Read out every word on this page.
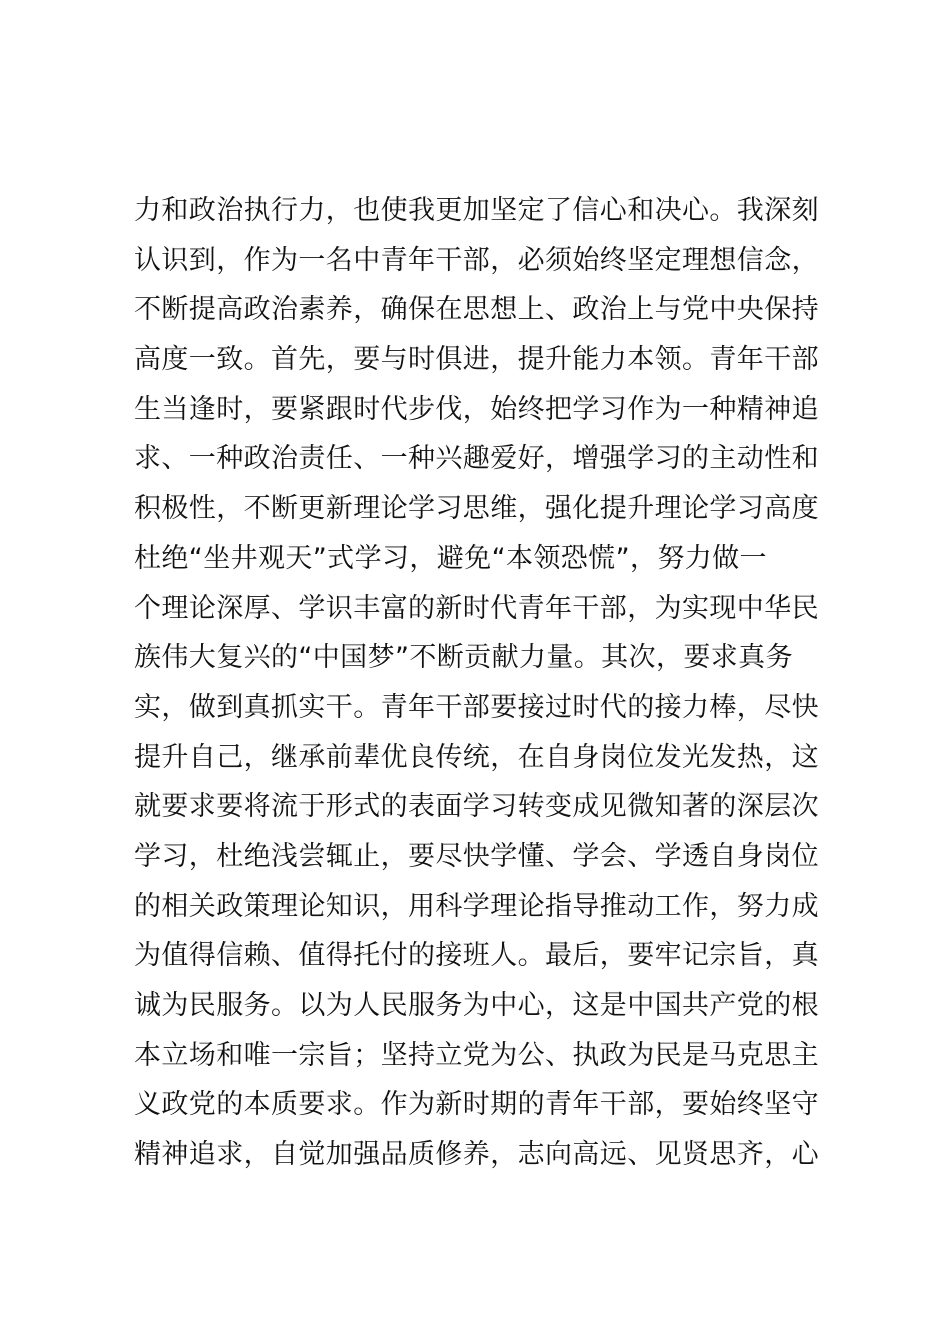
力和政治执行力，也使我更加坚定了信心和决心。我深刻
认识到，作为一名中青年干部，必须始终坚定理想信念，
不断提高政治素养，确保在思想上、政治上与党中央保持
高度一致。首先，要与时俱进，提升能力本领。青年干部
生当逢时，要紧跟时代步伐，始终把学习作为一种精神追
求、一种政治责任、一种兴趣爱好，增强学习的主动性和
积极性，不断更新理论学习思维，强化提升理论学习高度
杜绝“坐井观天”式学习，避免“本领恐慌”，努力做一
个理论深厚、学识丰富的新时代青年干部，为实现中华民
族伟大复兴的“中国梦”不断贡献力量。其次，要求真务
实，做到真抓实干。青年干部要接过时代的接力棒，尽快
提升自己，继承前辈优良传统，在自身岗位发光发热，这
就要求要将流于形式的表面学习转变成见微知著的深层次
学习，杜绝浅尝辄止，要尽快学懂、学会、学透自身岗位
的相关政策理论知识，用科学理论指导推动工作，努力成
为值得信赖、值得托付的接班人。最后，要牢记宗旨，真
诚为民服务。以为人民服务为中心，这是中国共产党的根
本立场和唯一宗旨；坚持立党为公、执政为民是马克思主
义政党的本质要求。作为新时期的青年干部，要始终坚守
精神追求，自觉加强品质修养，志向高远、见贤思齐，心
